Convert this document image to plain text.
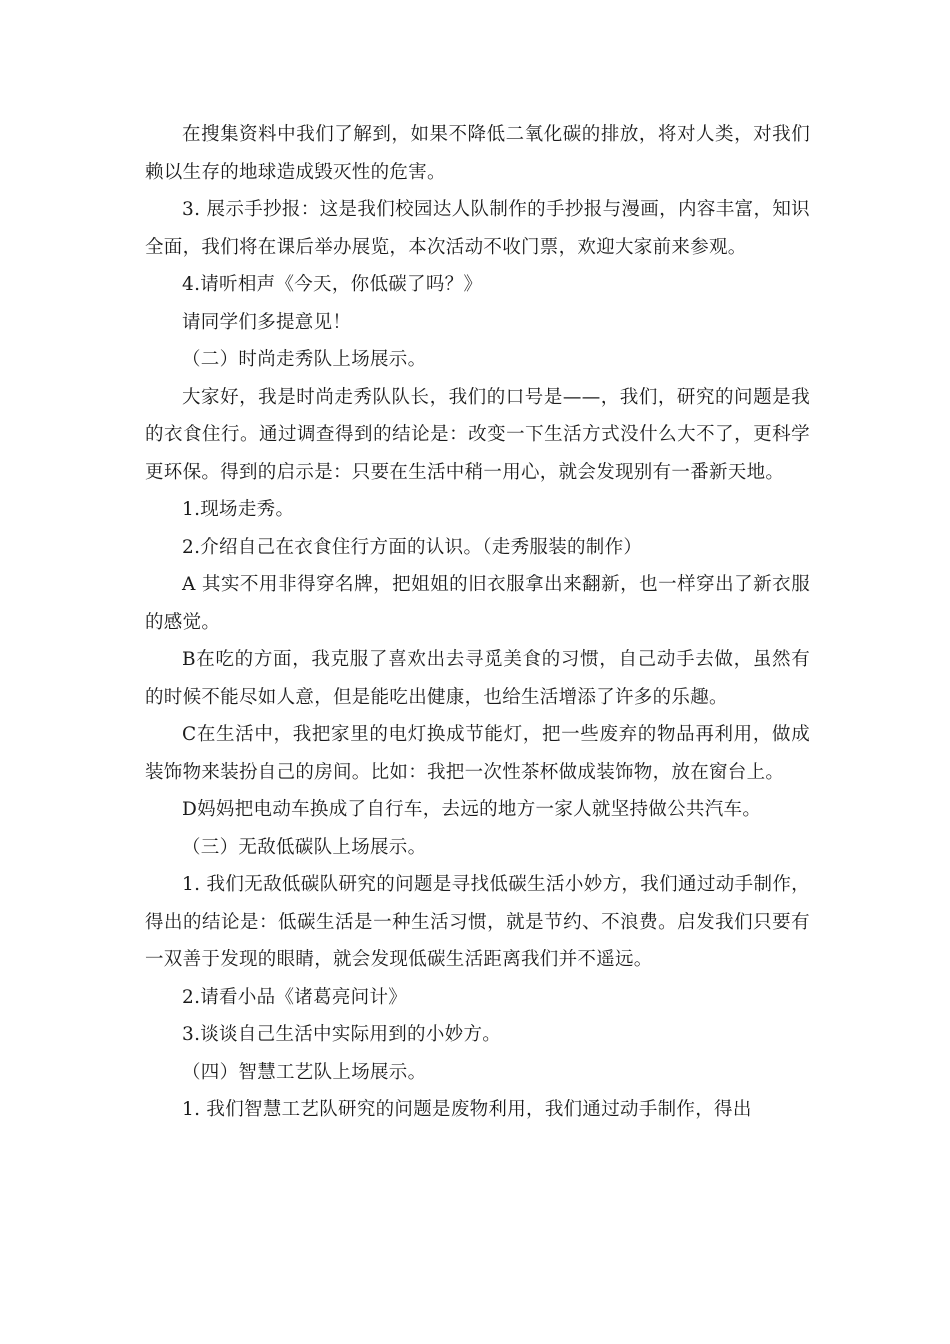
在搜集资料中我们了解到，如果不降低二氧化碳的排放，将对人类，对我们赖以生存的地球造成毁灭性的危害。

3. 展示手抄报：这是我们校园达人队制作的手抄报与漫画，内容丰富，知识全面，我们将在课后举办展览，本次活动不收门票，欢迎大家前来参观。

4.请听相声《今天，你低碳了吗？》

请同学们多提意见！

（二）时尚走秀队上场展示。

大家好，我是时尚走秀队队长，我们的口号是——，我们，研究的问题是我的衣食住行。通过调查得到的结论是：改变一下生活方式没什么大不了，更科学更环保。得到的启示是：只要在生活中稍一用心，就会发现别有一番新天地。

1.现场走秀。

2.介绍自己在衣食住行方面的认识。（走秀服装的制作）

A 其实不用非得穿名牌，把姐姐的旧衣服拿出来翻新，也一样穿出了新衣服的感觉。

B在吃的方面，我克服了喜欢出去寻觅美食的习惯，自己动手去做，虽然有的时候不能尽如人意，但是能吃出健康，也给生活增添了许多的乐趣。

C在生活中，我把家里的电灯换成节能灯，把一些废弃的物品再利用，做成装饰物来装扮自己的房间。比如：我把一次性茶杯做成装饰物，放在窗台上。

D妈妈把电动车换成了自行车，去远的地方一家人就坚持做公共汽车。

（三）无敌低碳队上场展示。

1. 我们无敌低碳队研究的问题是寻找低碳生活小妙方，我们通过动手制作，得出的结论是：低碳生活是一种生活习惯，就是节约、不浪费。启发我们只要有一双善于发现的眼睛，就会发现低碳生活距离我们并不遥远。

2.请看小品《诸葛亮问计》

3.谈谈自己生活中实际用到的小妙方。

（四）智慧工艺队上场展示。

1. 我们智慧工艺队研究的问题是废物利用，我们通过动手制作，得出
